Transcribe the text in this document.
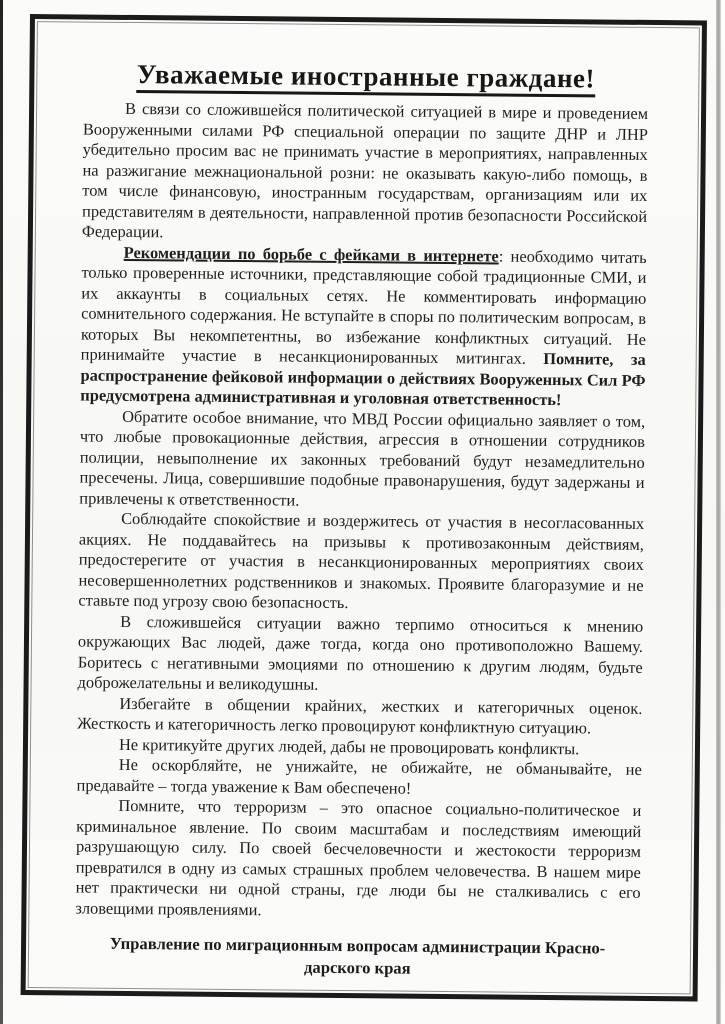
Уважаемые иностранные граждане!

В связи со сложившейся политической ситуацией в мире и проведением Вооруженными силами РФ специальной операции по защите ДНР и ЛНР убедительно просим вас не принимать участие в мероприятиях, направленных на разжигание межнациональной розни: не оказывать какую-либо помощь, в том числе финансовую, иностранным государствам, организациям или их представителям в деятельности, направленной против безопасности Российской Федерации.

Рекомендации по борьбе с фейками в интернете: необходимо читать только проверенные источники, представляющие собой традиционные СМИ, и их аккаунты в социальных сетях. Не комментировать информацию сомнительного содержания. Не вступайте в споры по политическим вопросам, в которых Вы некомпетентны, во избежание конфликтных ситуаций. Не принимайте участие в несанкционированных митингах. Помните, за распространение фейковой информации о действиях Вооруженных Сил РФ предусмотрена административная и уголовная ответственность!

Обратите особое внимание, что МВД России официально заявляет о том, что любые провокационные действия, агрессия в отношении сотрудников полиции, невыполнение их законных требований будут незамедлительно пресечены. Лица, совершившие подобные правонарушения, будут задержаны и привлечены к ответственности.

Соблюдайте спокойствие и воздержитесь от участия в несогласованных акциях. Не поддавайтесь на призывы к противозаконным действиям, предостерегите от участия в несанкционированных мероприятиях своих несовершеннолетних родственников и знакомых. Проявите благоразумие и не ставьте под угрозу свою безопасность.

В сложившейся ситуации важно терпимо относиться к мнению окружающих Вас людей, даже тогда, когда оно противоположно Вашему. Боритесь с негативными эмоциями по отношению к другим людям, будьте доброжелательны и великодушны.

Избегайте в общении крайних, жестких и категоричных оценок. Жесткость и категоричность легко провоцируют конфликтную ситуацию.

Не критикуйте других людей, дабы не провоцировать конфликты.

Не оскорбляйте, не унижайте, не обижайте, не обманывайте, не предавайте – тогда уважение к Вам обеспечено!

Помните, что терроризм – это опасное социально-политическое и криминальное явление. По своим масштабам и последствиям имеющий разрушающую силу. По своей бесчеловечности и жестокости терроризм превратился в одну из самых страшных проблем человечества. В нашем мире нет практически ни одной страны, где люди бы не сталкивались с его зловещими проявлениями.

Управление по миграционным вопросам администрации Красно-
дарского края
